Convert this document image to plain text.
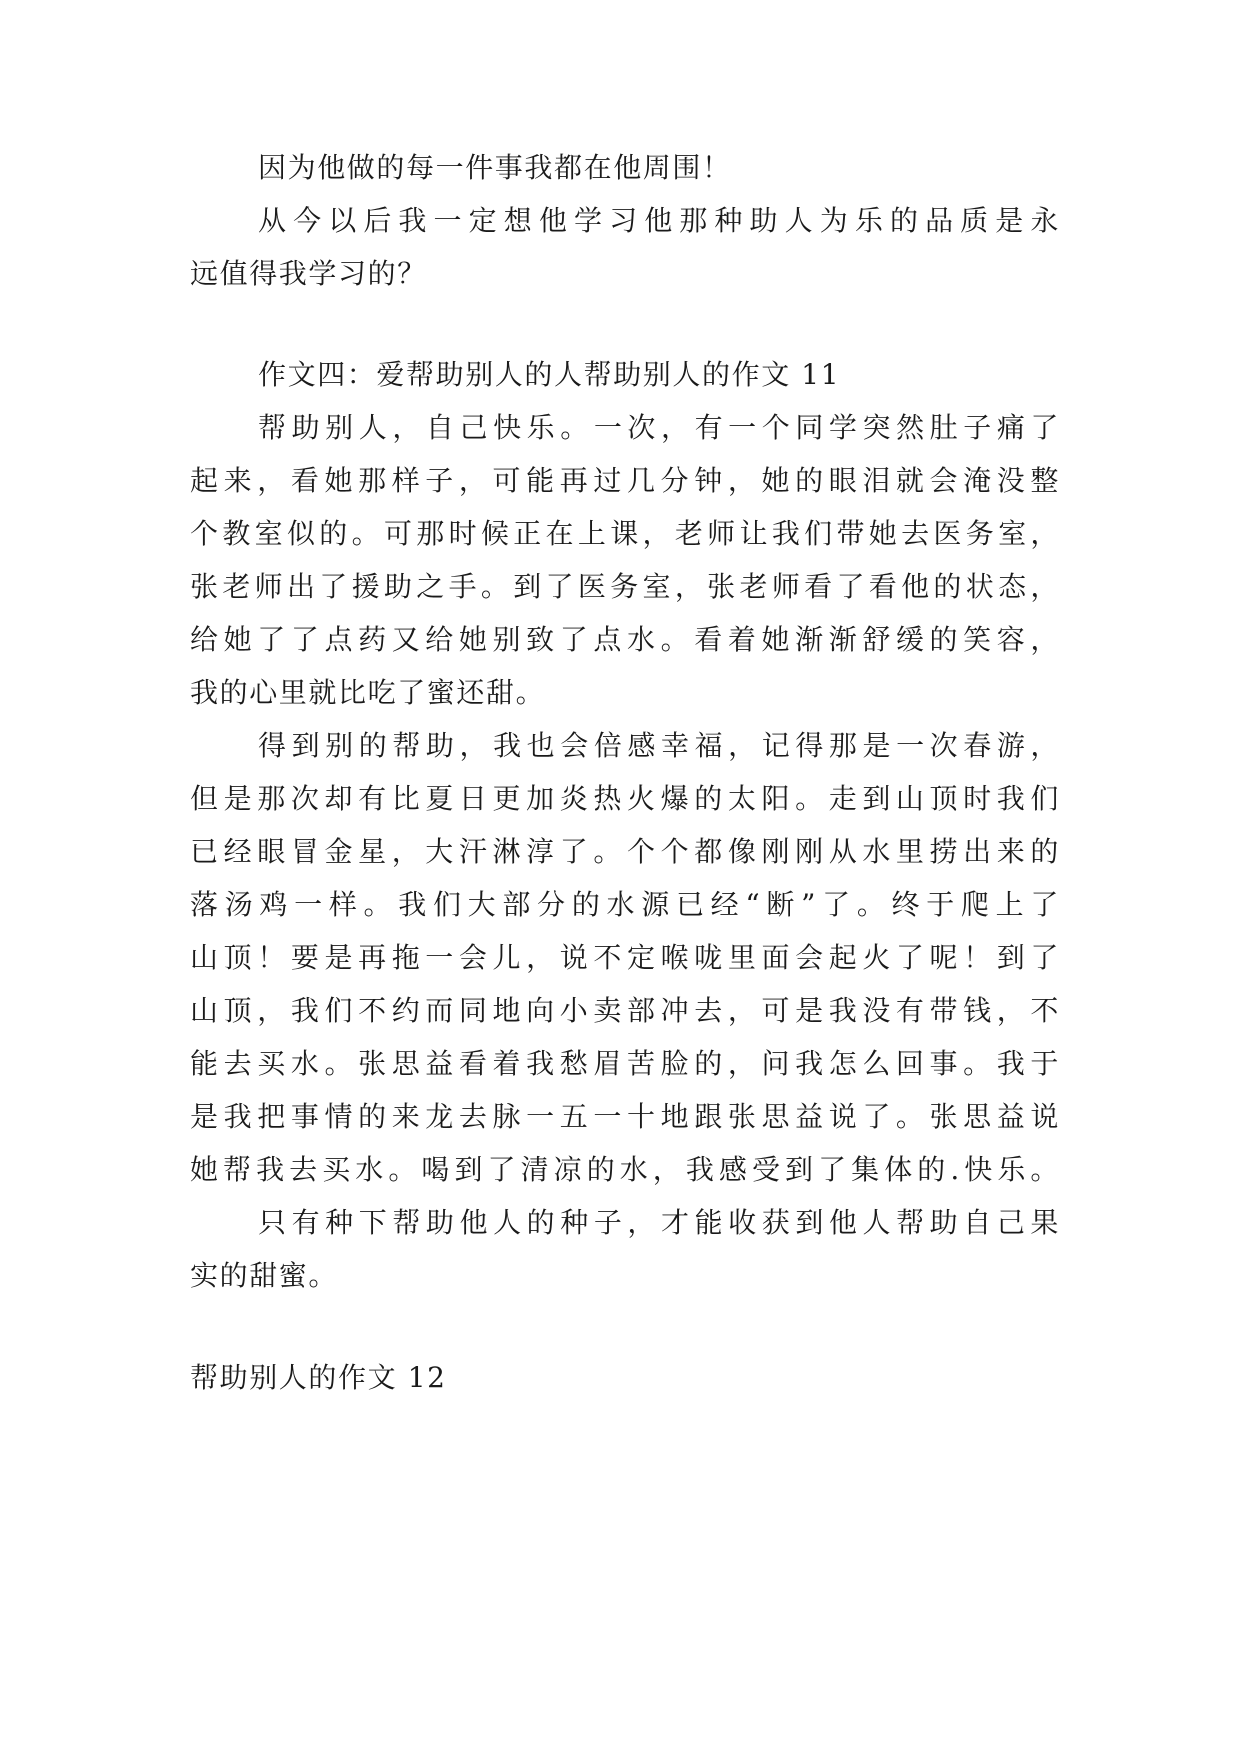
因为他做的每一件事我都在他周围！
从今以后我一定想他学习他那种助人为乐的品质是永
远值得我学习的？
作文四：爱帮助别人的人帮助别人的作文 11
帮助别人，自己快乐。一次，有一个同学突然肚子痛了
起来，看她那样子，可能再过几分钟，她的眼泪就会淹没整
个教室似的。可那时候正在上课，老师让我们带她去医务室，
张老师出了援助之手。到了医务室，张老师看了看他的状态，
给她了了点药又给她别致了点水。看着她渐渐舒缓的笑容，
我的心里就比吃了蜜还甜。
得到别的帮助，我也会倍感幸福，记得那是一次春游，
但是那次却有比夏日更加炎热火爆的太阳。走到山顶时我们
已经眼冒金星，大汗淋淳了。个个都像刚刚从水里捞出来的
落汤鸡一样。我们大部分的水源已经“断”了。终于爬上了
山顶！要是再拖一会儿，说不定喉咙里面会起火了呢！到了
山顶，我们不约而同地向小卖部冲去，可是我没有带钱，不
能去买水。张思益看着我愁眉苦脸的，问我怎么回事。我于
是我把事情的来龙去脉一五一十地跟张思益说了。张思益说
她帮我去买水。喝到了清凉的水，我感受到了集体的.快乐。
只有种下帮助他人的种子，才能收获到他人帮助自己果
实的甜蜜。
帮助别人的作文 12
